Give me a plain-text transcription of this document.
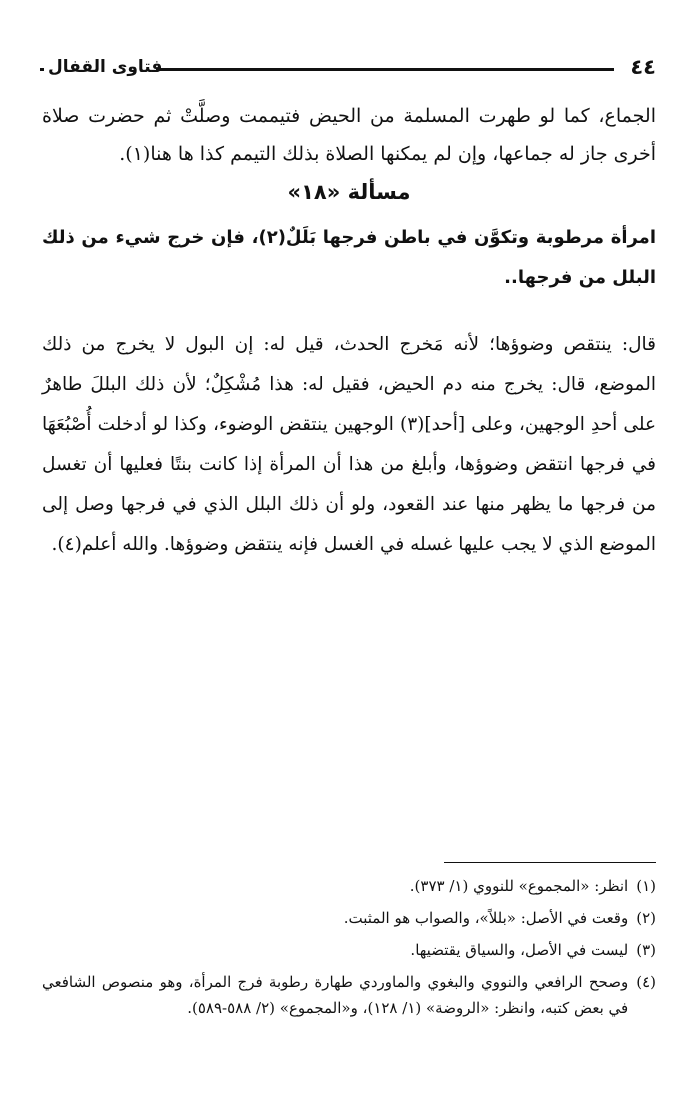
٤٤
فتاوى القفال

الجماع، كما لو طهرت المسلمة من الحيض فتيممت وصلَّتْ ثم حضرت صلاة أخرى جاز له جماعها، وإن لم يمكنها الصلاة بذلك التيمم كذا ها هنا(١).

مسألة «١٨»

امرأة مرطوبة وتكوَّن في باطن فرجها بَلَلٌ(٢)، فإن خرج شيء من ذلك البلل من فرجها..

قال: ينتقص وضوؤها؛ لأنه مَخرج الحدث، قيل له: إن البول لا يخرج من ذلك الموضع، قال: يخرج منه دم الحيض، فقيل له: هذا مُشْكِلٌ؛ لأن ذلك البللَ طاهرٌ على أحدِ الوجهين، وعلى [أحد](٣) الوجهين ينتقض الوضوء، وكذا لو أدخلت أُصْبُعَهَا في فرجها انتقض وضوؤها، وأبلغ من هذا أن المرأة إذا كانت بنتًا فعليها أن تغسل من فرجها ما يظهر منها عند القعود، ولو أن ذلك البلل الذي في فرجها وصل إلى الموضع الذي لا يجب عليها غسله في الغسل فإنه ينتقض وضوؤها. والله أعلم(٤).

(١)
انظر: «المجموع» للنووي (١/ ٣٧٣).
(٢)
وقعت في الأصل: «بللاً»، والصواب هو المثبت.
(٣)
ليست في الأصل، والسياق يقتضيها.
(٤)
وصحح الرافعي والنووي والبغوي والماوردي طهارة رطوبة فرج المرأة، وهو منصوص الشافعي في بعض كتبه، وانظر: «الروضة» (١/ ١٢٨)، و«المجموع» (٢/ ٥٨٨-٥٨٩).
